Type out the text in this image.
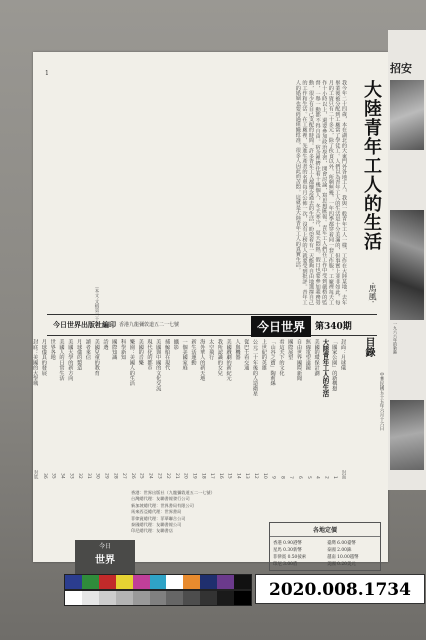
1
大陸青年工人的生活
·馬風·
我今年二十四歲，本在湖北的大東門外各地工人，我與一般青年工人一樣，工作在大陸某地，去年畢業後被分配到工廠當了學徒工。人們以為青年工人的生活是十分美滿的，但事實上並非如此。每月的工資只有二十多元，除了伙食以外，所剩無幾，一年四季都穿着同一套工作服。工廠裡每天工作十小時以上，還要參加政治學習，開會討論，寫思想匯報。青年工人們在工作中受到嚴格的監督，一舉一動都不得自由。宿舍裡擠住着十幾個人，冬天寒冷，夏天悶熱。假日也要參加義務勞動，很少有自己支配的時間。許多青年工人都懷念過去的生活，盼望着有一天能夠自由地選擇自己的工作和生活。在工廠裡，先進生產者的名單每月公佈一次，沒有上榜的人就要受到批評。青年工人的婚姻也要經過組織批准，很多人因此而苦悶。這就是大陸青年工人的真實生活。
（本文·文稿第二十期）
今日世界出版社編印 香港九龍彌敦道五二一七號	今日世界	第340期
目錄
中華民國五十五年六月十六日
封面：月球儀
封面
「國家公園」的新構想
1
大陸青年工人的生活
2
美國的環保計劃
4
無線電望遠鏡
5
自由世界國際新聞
6
國際展望
7
看這天下的文化
8
「山谷之寶」陶莉絲
9
上世紀的英雄
10
公元二十年後的人造衛星
12
從巴士看交通
13
人與機器
14
美國戲劇的新紀元
15
我所認識的女兒
16
太空飛行
17
海外華人的新天地
18
新生活運動
19
一個美國家庭
20
攝影
21
捕鯨船在現代
22
美國與中國的文化交流
23
現代化的都市
24
美國的音樂
25
樂園：美國人的生活
26
科學新知
27
國際知識
28
詩選
29
美國兒童的教育
30
讀者來信
31
月球儀的製造
32
美國大學的新方向
33
美國人的日常生活
34
世界各地
35
月球儀具的發展
36
封底：美國的大學城
封底
香港：世界出版社（九龍彌敦道五二一七號）
台灣總代理：友聯書報發行公司
新加坡總代理：世界書局有限公司
馬來西亞總代理：世界書局
菲律賓總代理：菲華聯合公司
泰國總代理：友聯書報公司
印尼總代理：友聯書店
今日
世界
各地定價
香港 0.90港幣	臺灣 6.00臺幣
星馬 0.30新幣	泰國 2.00銖
菲律賓 0.50披索	越南 10.00越幣
印尼 3.00盾	美國 0.20美元
招安
一九六六年的新港
2020.008.1734
